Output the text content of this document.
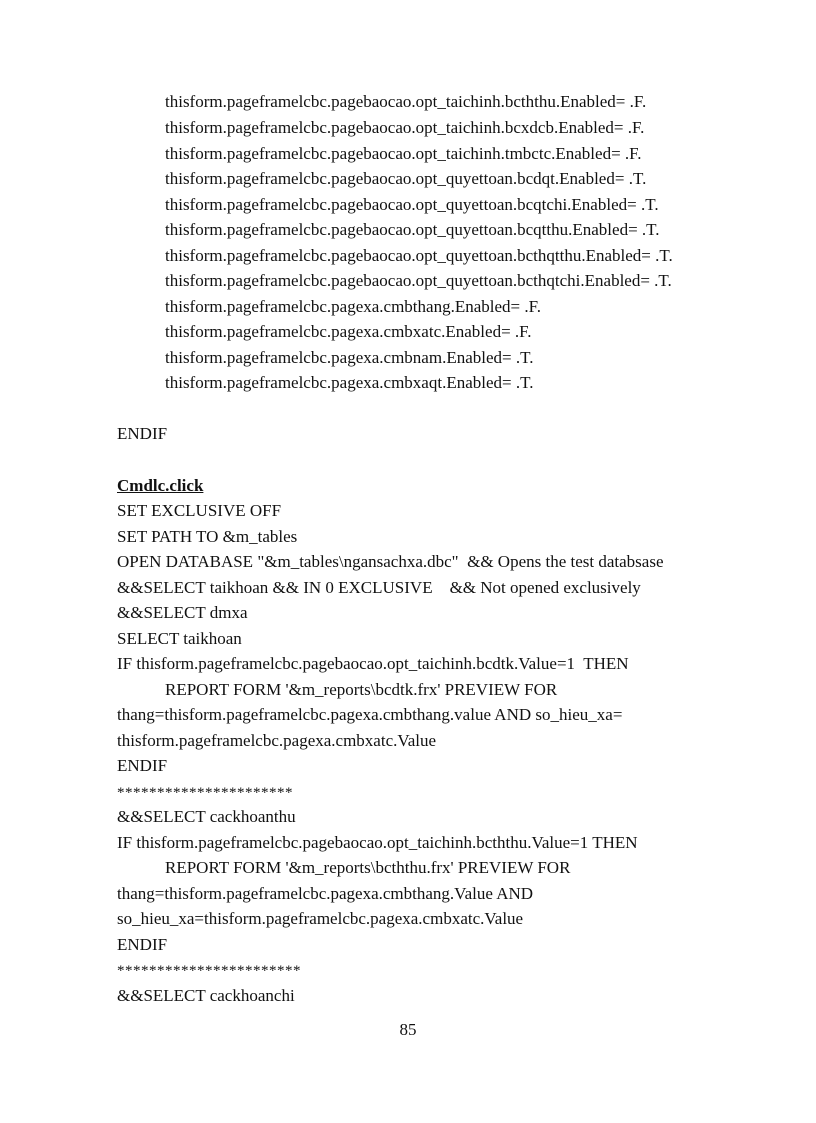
thisform.pageframelcbc.pagebaocao.opt_taichinh.bcththu.Enabled= .F.
thisform.pageframelcbc.pagebaocao.opt_taichinh.bcxdcb.Enabled= .F.
thisform.pageframelcbc.pagebaocao.opt_taichinh.tmbctc.Enabled= .F.
thisform.pageframelcbc.pagebaocao.opt_quyettoan.bcdqt.Enabled= .T.
thisform.pageframelcbc.pagebaocao.opt_quyettoan.bcqtchi.Enabled= .T.
thisform.pageframelcbc.pagebaocao.opt_quyettoan.bcqtthu.Enabled= .T.
thisform.pageframelcbc.pagebaocao.opt_quyettoan.bcthqtthu.Enabled= .T.
thisform.pageframelcbc.pagebaocao.opt_quyettoan.bcthqtchi.Enabled= .T.
thisform.pageframelcbc.pagexa.cmbthang.Enabled= .F.
thisform.pageframelcbc.pagexa.cmbxatc.Enabled= .F.
thisform.pageframelcbc.pagexa.cmbnam.Enabled= .T.
thisform.pageframelcbc.pagexa.cmbxaqt.Enabled= .T.
ENDIF
Cmdlc.click
SET EXCLUSIVE OFF
SET PATH TO &m_tables
OPEN DATABASE "&m_tables\ngansachxa.dbc"  && Opens the test databsase
&&SELECT taikhoan && IN 0 EXCLUSIVE    && Not opened exclusively
&&SELECT dmxa
SELECT taikhoan
IF thisform.pageframelcbc.pagebaocao.opt_taichinh.bcdtk.Value=1  THEN
REPORT FORM '&m_reports\bcdtk.frx' PREVIEW FOR
thang=thisform.pageframelcbc.pagexa.cmbthang.value AND so_hieu_xa=
thisform.pageframelcbc.pagexa.cmbxatc.Value
ENDIF
**********************
&&SELECT cackhoanthu
IF thisform.pageframelcbc.pagebaocao.opt_taichinh.bcththu.Value=1 THEN
REPORT FORM '&m_reports\bcththu.frx' PREVIEW FOR
thang=thisform.pageframelcbc.pagexa.cmbthang.Value AND
so_hieu_xa=thisform.pageframelcbc.pagexa.cmbxatc.Value
ENDIF
***********************
&&SELECT cackhoanchi
85
